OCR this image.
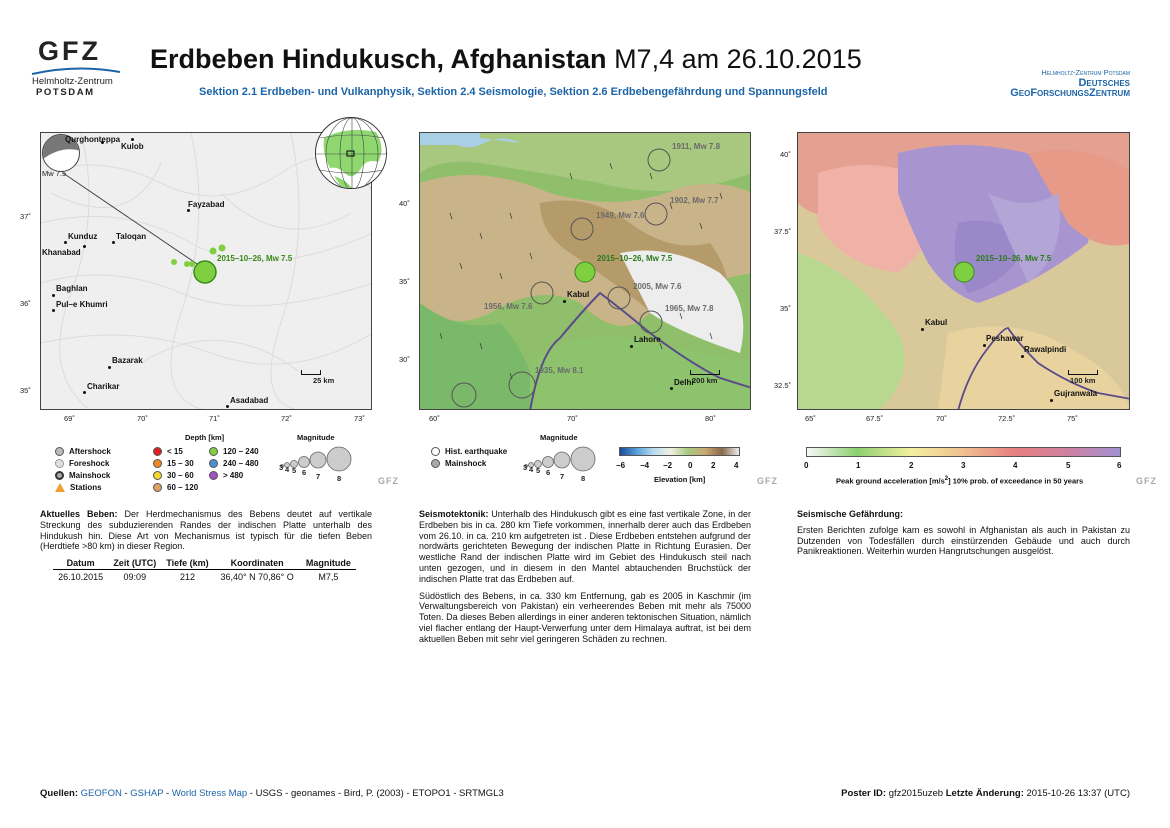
GFZ
Helmholtz-Zentrum
POTSDAM
Erdbeben Hindukusch, Afghanistan M7,4 am 26.10.2015
Sektion 2.1 Erdbeben- und Vulkanphysik, Sektion 2.4 Seismologie, Sektion 2.6 Erdbebengefährdung und Spannungsfeld
Helmholtz-Zentrum Potsdam
Deutsches
GeoForschungsZentrum
Mw 7.5
Qurghonteppa
Kulob
Fayzabad
Kunduz Taloqan
Khanabad
Baghlan
Pul–e Khumri
Bazarak
Charikar
Asadabad
2015–10–26, Mw 7.5
25 km
69˚	70˚	71˚	72˚	73˚
37˚
36˚
35˚
1911, Mw 7.8
1902, Mw 7.7
1949, Mw 7.6
2005, Mw 7.6
1965, Mw 7.8
1956, Mw 7.6
1935, Mw 8.1
2015–10–26, Mw 7.5
Kabul
Lahore
Delhi
200 km
60˚	70˚	80˚
40˚
35˚
30˚
2015–10–26, Mw 7.5
Kabul
Peshawar
Rawalpindi
Gujranwala
100 km
65˚	67.5˚	70˚	72.5˚	75˚
40˚
37.5˚
35˚
32.5˚
Depth [km]	Magnitude
Aftershock
Foreshock
Mainshock
Stations
< 15
15 – 30
30 – 60
60 – 120
120 – 240
240 – 480
> 480
3 4 5 6 7 8	GFZ
Hist. earthquake
Mainshock
Magnitude
3 4 5 6 7 8
−6 −4 −2 0 2 4
Elevation [km]	GFZ
0	1	2	3	4	5	6
Peak ground acceleration $[m/s^2]$ 10% prob. of exceedance in 50 years	GFZ
Aktuelles Beben: Der Herdmechanismus des Bebens deutet auf vertikale Streckung des subduzierenden Randes der indischen Platte unterhalb des Hindukush hin. Diese Art von Mechanismus ist typisch für die tiefen Beben (Herdtiefe >80 km) in dieser Region.
Datum	Zeit (UTC)	Tiefe (km)	Koordinaten	Magnitude
26.10.2015	09:09	212	36,40° N 70,86° O	M7,5

Seismotektonik: Unterhalb des Hindukusch gibt es eine fast vertikale Zone, in der Erdbeben bis in ca. 280 km Tiefe vorkommen, innerhalb derer auch das Erdbeben vom 26.10. in ca. 210 km aufgetreten ist . Diese Erdbeben entstehen aufgrund der nordwärts gerichteten Bewegung der indischen Platte in Richtung Eurasien. Der westliche Rand der indischen Platte wird im Gebiet des Hindukusch steil nach unten gezogen, und in diesem in den Mantel abtauchenden Bruchstück der indischen Platte trat das Erdbeben auf.

Südöstlich des Bebens, in ca. 330 km Entfernung, gab es 2005 in Kaschmir (im Verwaltungsbereich von Pakistan) ein verheerendes Beben mit mehr als 75000 Toten. Da dieses Beben allerdings in einer anderen tektonischen Situation, nämlich viel flacher entlang der Haupt-Verwerfung unter dem Himalaya auftrat, ist bei dem aktuellen Beben mit sehr viel geringeren Schäden zu rechnen.

Seismische Gefährdung:

Ersten Berichten zufolge kam es sowohl in Afghanistan als auch in Pakistan zu Dutzenden von Todesfällen durch einstürzenden Gebäude und auch durch Panikreaktionen. Weiterhin wurden Hangrutschungen ausgelöst.

Quellen: GEOFON - GSHAP - World Stress Map - USGS - geonames - Bird, P. (2003) - ETOPO1 - SRTMGL3	Poster ID: gfz2015uzeb Letzte Änderung: 2015-10-26 13:37 (UTC)
